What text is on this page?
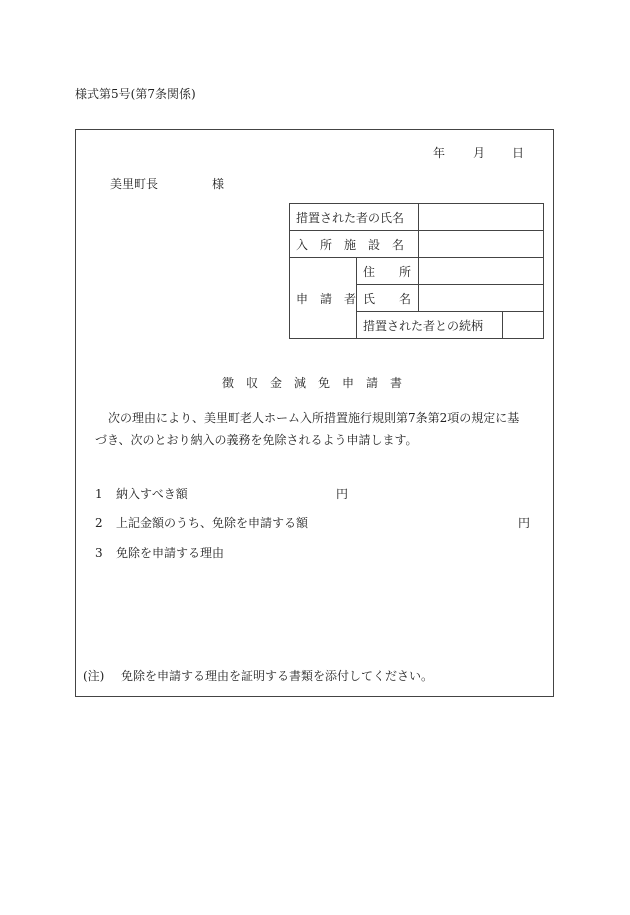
様式第5号(第7条関係)
年 月 日
美里町長	様
措置された者の氏名			
入　所　施　設　名			
申　請　者	住　　所		
	氏　　名		
	措置された者との続柄		
徴　収　金　減　免　申　請　書
次の理由により、美里町老人ホーム入所措置施行規則第7条第2項の規定に基
づき、次のとおり納入の義務を免除されるよう申請します。
1 納入すべき額	円
2 上記金額のうち、免除を申請する額	円
3 免除を申請する理由
(注) 免除を申請する理由を証明する書類を添付してください。
